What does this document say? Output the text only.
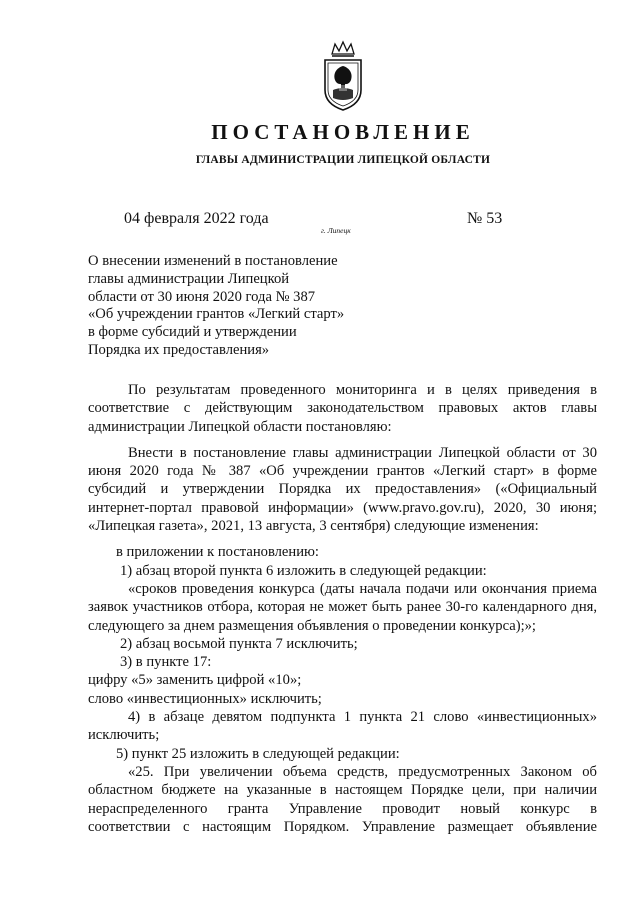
ПОСТАНОВЛЕНИЕ
ГЛАВЫ АДМИНИСТРАЦИИ ЛИПЕЦКОЙ ОБЛАСТИ
04 февраля 2022 года
г. Липецк
№ 53
О внесении изменений в постановление
главы администрации Липецкой
области от 30 июня 2020 года № 387
«Об учреждении грантов «Легкий старт»
в форме субсидий и утверждении
Порядка их предоставления»

По результатам проведенного мониторинга и в целях приведения в соответствие с действующим законодательством правовых актов главы администрации Липецкой области постановляю:

Внести в постановление главы администрации Липецкой области от 30 июня 2020 года № 387 «Об учреждении грантов «Легкий старт» в форме субсидий и утверждении Порядка их предоставления» («Официальный интернет-портал правовой информации» (www.pravo.gov.ru), 2020, 30 июня; «Липецкая газета», 2021, 13 августа, 3 сентября) следующие изменения:

в приложении к постановлению:

1) абзац второй пункта 6 изложить в следующей редакции:

«сроков проведения конкурса (даты начала подачи или окончания приема заявок участников отбора, которая не может быть ранее 30-го календарного дня, следующего за днем размещения объявления о проведении конкурса);»;

2) абзац восьмой пункта 7 исключить;

3) в пункте 17:

цифру «5» заменить цифрой «10»;

слово «инвестиционных» исключить;

4) в абзаце девятом подпункта 1 пункта 21 слово «инвестиционных» исключить;

5) пункт 25 изложить в следующей редакции:

«25. При увеличении объема средств, предусмотренных Законом об

областном бюджете на указанные в настоящем Порядке цели, при наличии

нераспределенного гранта Управление проводит новый конкурс в

соответствии с настоящим Порядком. Управление размещает объявление
